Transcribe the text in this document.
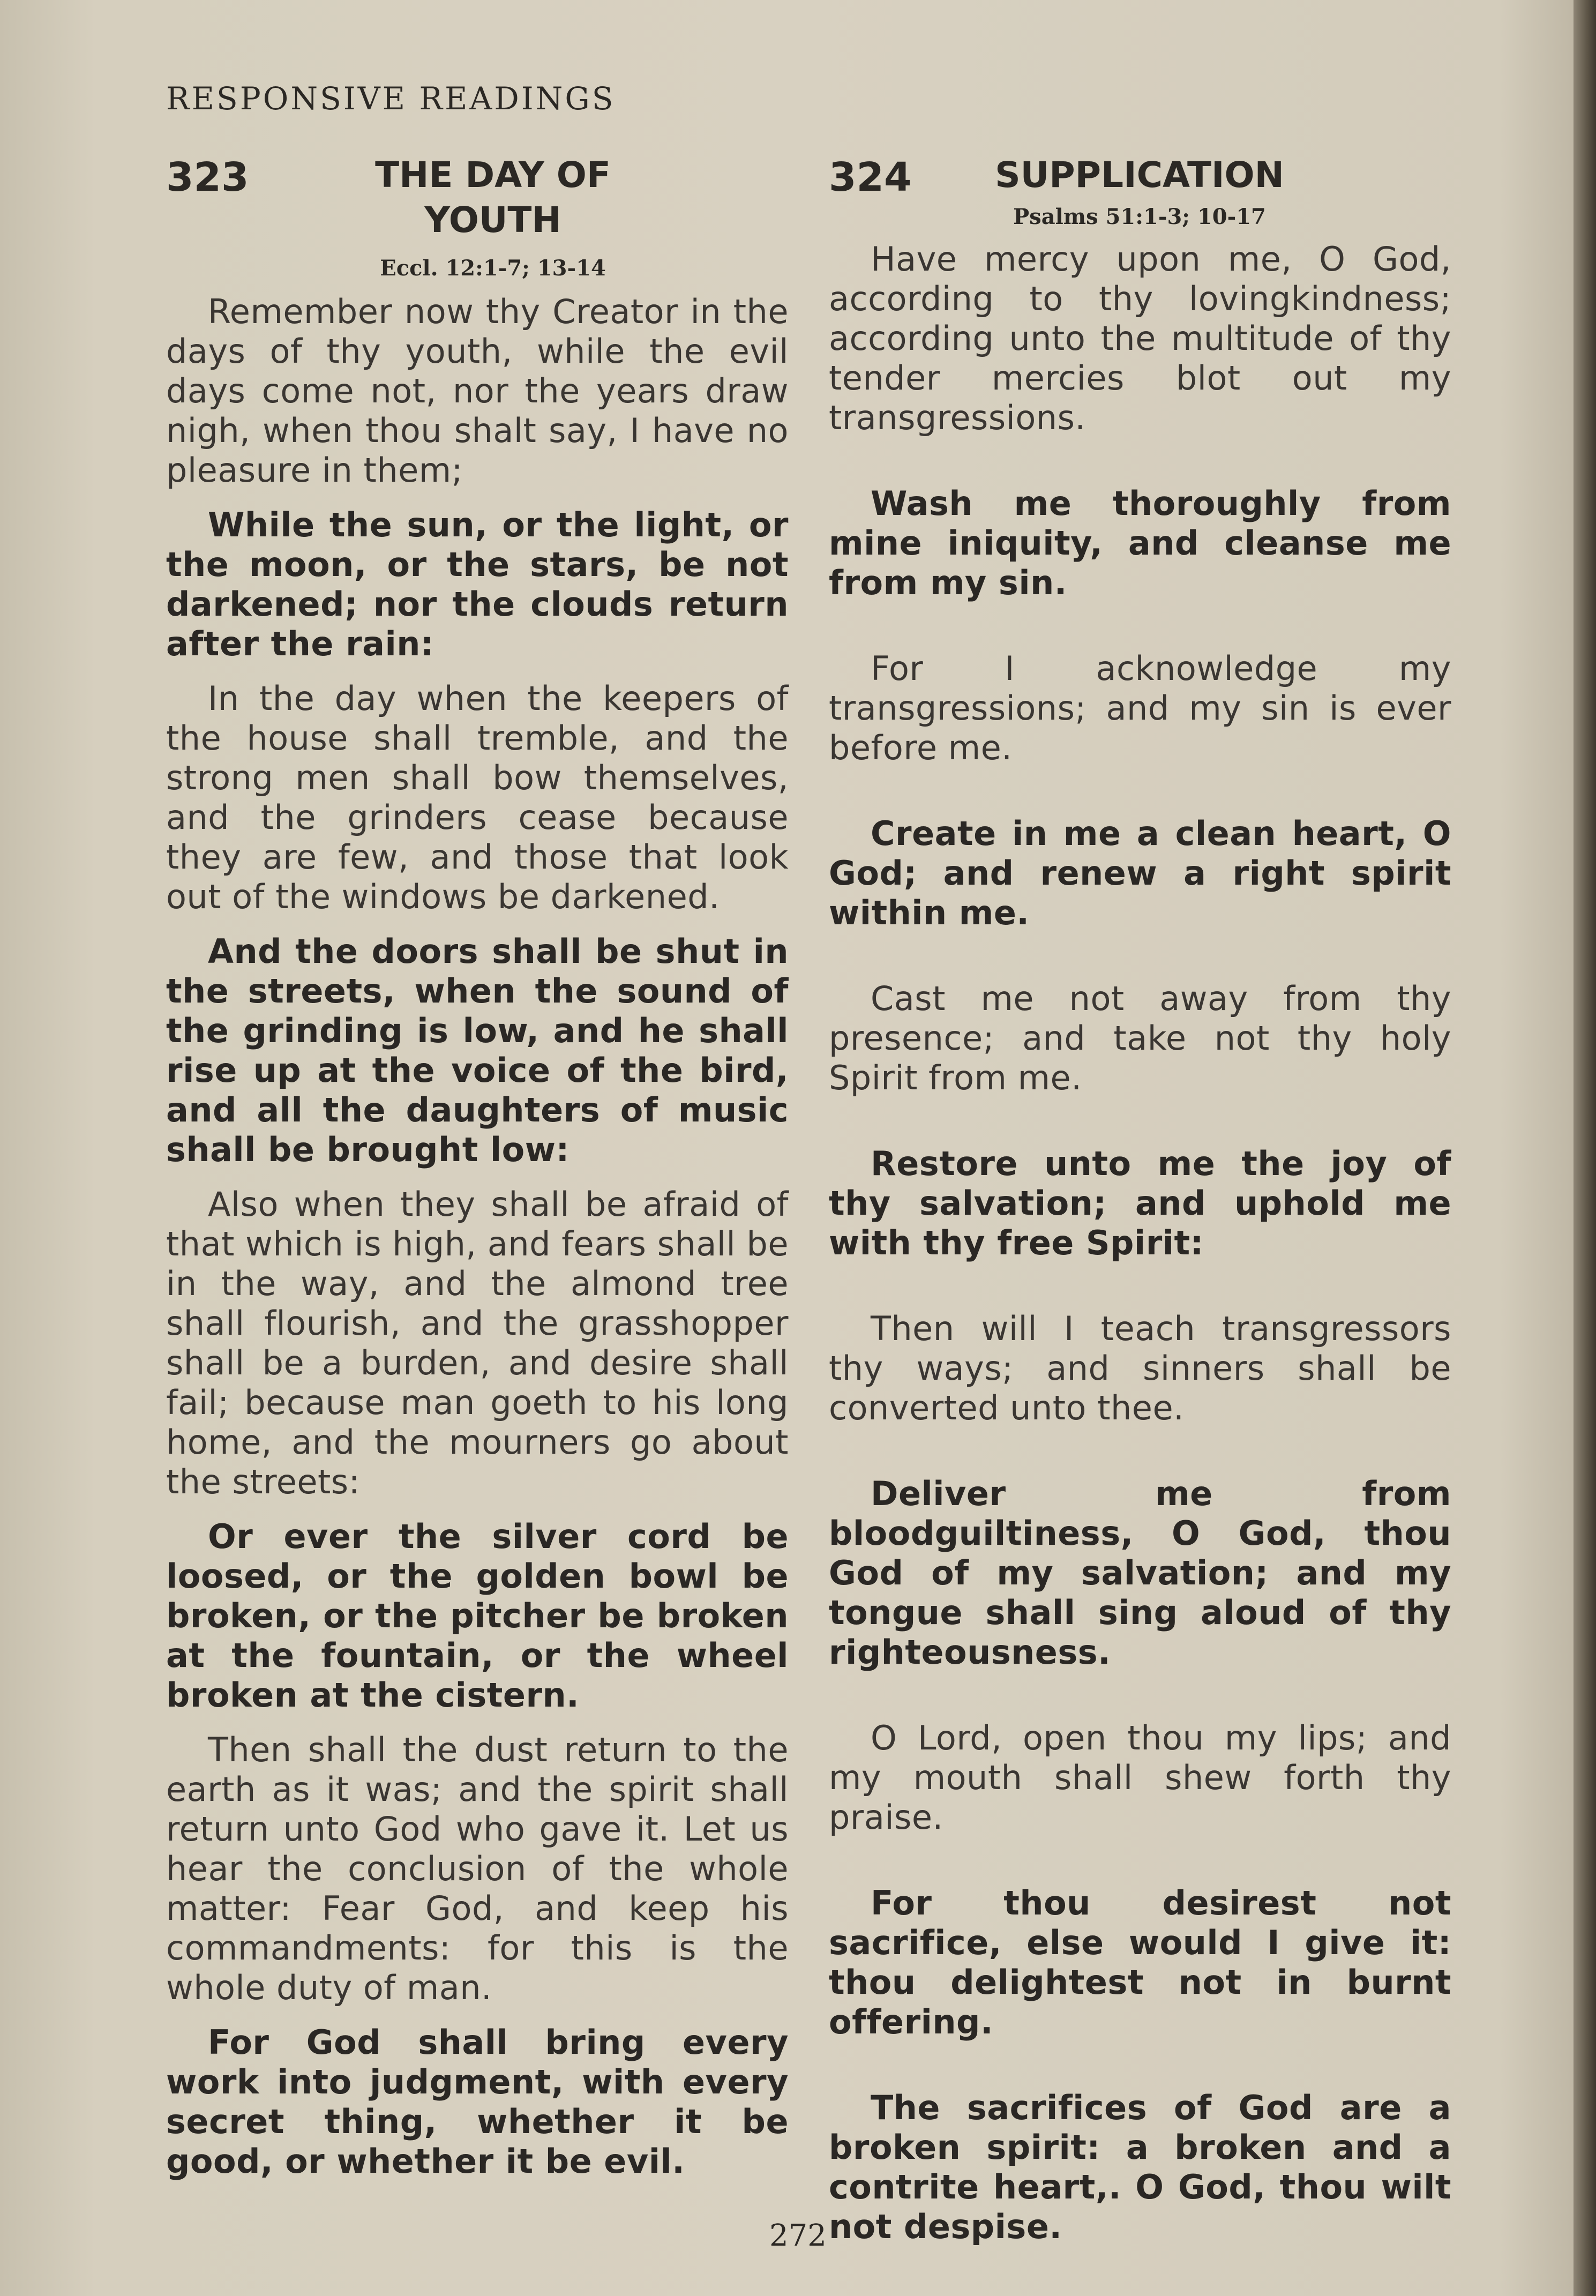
RESPONSIVE READINGS
323	THE DAY OF YOUTH
Eccl. 12:1-7; 13-14

Remember now thy Creator in the days of thy youth, while the evil days come not, nor the years draw nigh, when thou shalt say, I have no pleasure in them;

While the sun, or the light, or the moon, or the stars, be not darkened; nor the clouds return after the rain:

In the day when the keepers of the house shall tremble, and the strong men shall bow themselves, and the grinders cease because they are few, and those that look out of the windows be darkened.

And the doors shall be shut in the streets, when the sound of the grinding is low, and he shall rise up at the voice of the bird, and all the daughters of music shall be brought low:

Also when they shall be afraid of that which is high, and fears shall be in the way, and the almond tree shall flourish, and the grasshopper shall be a burden, and desire shall fail; because man goeth to his long home, and the mourners go about the streets:

Or ever the silver cord be loosed, or the golden bowl be broken, or the pitcher be broken at the fountain, or the wheel broken at the cistern.

Then shall the dust return to the earth as it was; and the spirit shall return unto God who gave it. Let us hear the conclusion of the whole matter: Fear God, and keep his commandments: for this is the whole duty of man.

For God shall bring every work into judgment, with every secret thing, whether it be good, or whether it be evil.

324	SUPPLICATION
Psalms 51:1-3; 10-17

Have mercy upon me, O God, according to thy lovingkindness; according unto the multitude of thy tender mercies blot out my transgressions.

Wash me thoroughly from mine iniquity, and cleanse me from my sin.

For I acknowledge my transgressions; and my sin is ever before me.

Create in me a clean heart, O God; and renew a right spirit within me.

Cast me not away from thy presence; and take not thy holy Spirit from me.

Restore unto me the joy of thy salvation; and uphold me with thy free Spirit:

Then will I teach transgressors thy ways; and sinners shall be converted unto thee.

Deliver me from bloodguiltiness, O God, thou God of my salvation; and my tongue shall sing aloud of thy righteousness.

O Lord, open thou my lips; and my mouth shall shew forth thy praise.

For thou desirest not sacrifice, else would I give it: thou delightest not in burnt offering.

The sacrifices of God are a broken spirit: a broken and a contrite heart,. O God, thou wilt not despise.

272
